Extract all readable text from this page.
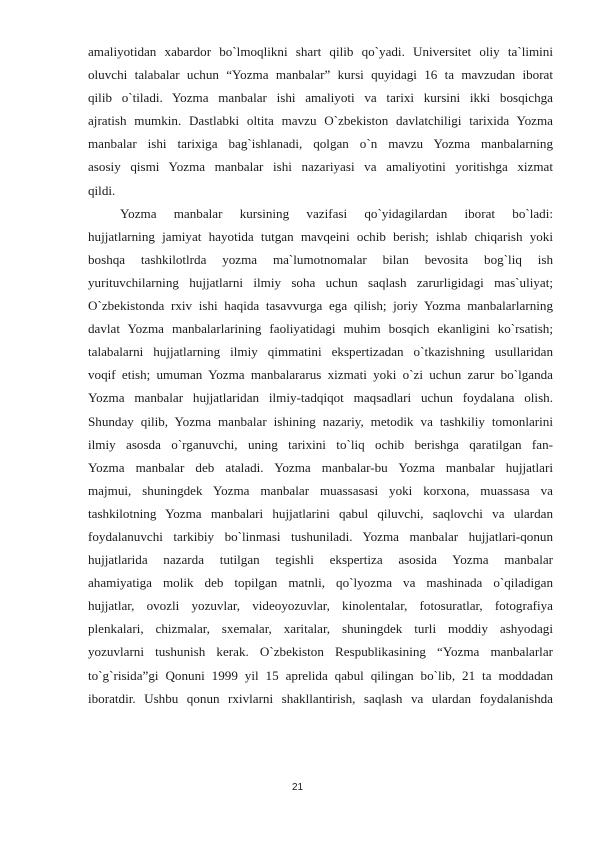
amaliyotidan xabardor bo`lmoqlikni shart qilib qo`yadi. Universitet oliy ta`limini
oluvchi talabalar uchun “Yozma manbalar” kursi quyidagi 16 ta mavzudan iborat
qilib o`tiladi. Yozma manbalar ishi amaliyoti va tarixi kursini ikki bosqichga
ajratish mumkin. Dastlabki oltita mavzu O`zbekiston davlatchiligi tarixida Yozma
manbalar ishi tarixiga bag`ishlanadi, qolgan o`n mavzu Yozma manbalarning
asosiy qismi Yozma manbalar ishi nazariyasi va amaliyotini yoritishga xizmat
qildi.
Yozma manbalar kursining vazifasi qo`yidagilardan iborat bo`ladi:
hujjatlarning jamiyat hayotida tutgan mavqeini ochib berish; ishlab chiqarish yoki
boshqa tashkilotlrda yozma ma`lumotnomalar bilan bevosita bog`liq ish
yurituvchilarning hujjatlarni ilmiy soha uchun saqlash zarurligidagi mas`uliyat;
O`zbekistonda rxiv ishi haqida tasavvurga ega qilish; joriy Yozma manbalarlarning
davlat Yozma manbalarlarining faoliyatidagi muhim bosqich ekanligini ko`rsatish;
talabalarni hujjatlarning ilmiy qimmatini ekspertizadan o`tkazishning usullaridan
voqif etish; umuman Yozma manbalararus xizmati yoki o`zi uchun zarur bo`lganda
Yozma manbalar hujjatlaridan ilmiy-tadqiqot maqsadlari uchun foydalana olish.
Shunday qilib, Yozma manbalar ishining nazariy, metodik va tashkiliy tomonlarini
ilmiy asosda o`rganuvchi, uning tarixini to`liq ochib berishga qaratilgan fan-
Yozma manbalar deb ataladi. Yozma manbalar-bu Yozma manbalar hujjatlari
majmui, shuningdek Yozma manbalar muassasasi yoki korxona, muassasa va
tashkilotning Yozma manbalari hujjatlarini qabul qiluvchi, saqlovchi va ulardan
foydalanuvchi tarkibiy bo`linmasi tushuniladi. Yozma manbalar hujjatlari-qonun
hujjatlarida nazarda tutilgan tegishli ekspertiza asosida Yozma manbalar
ahamiyatiga molik deb topilgan matnli, qo`lyozma va mashinada o`qiladigan
hujjatlar, ovozli yozuvlar, videoyozuvlar, kinolentalar, fotosuratlar, fotografiya
plenkalari, chizmalar, sxemalar, xaritalar, shuningdek turli moddiy ashyodagi
yozuvlarni tushunish kerak. O`zbekiston Respublikasining “Yozma manbalarlar
to`g`risida”gi Qonuni 1999 yil 15 aprelida qabul qilingan bo`lib, 21 ta moddadan
iboratdir. Ushbu qonun rxivlarni shakllantirish, saqlash va ulardan foydalanishda
21
